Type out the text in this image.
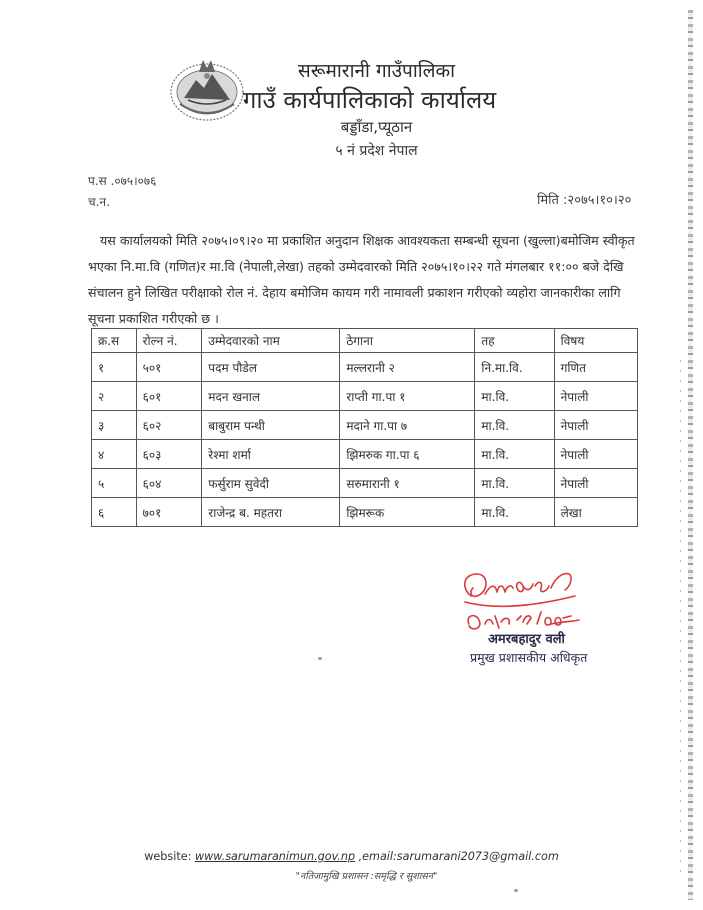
सरूमारानी गाउँपालिका
गाउँ कार्यपालिकाको कार्यालय
बड्डाँडा,प्यूठान
५ नं प्रदेश नेपाल
प.स .०७५।०७६
च.न.	मिति :२०७५।१०।२०

यस कार्यालयको मिति २०७५।०९।२० मा प्रकाशित अनुदान शिक्षक आवश्यकता सम्बन्धी सूचना (खुल्ला)बमोजिम स्वीकृत भएका नि.मा.वि (गणित)र मा.वि (नेपाली,लेखा) तहको उम्मेदवारको मिति २०७५।१०।२२ गते मंगलबार ११:०० बजे देखि संचालन हुने लिखित परीक्षाको रोल नं. देहाय बमोजिम कायम गरी नामावली प्रकाशन गरीएको व्यहोरा जानकारीका लागि सूचना प्रकाशित गरीएको छ ।

क्र.स	रोल्न नं.	उम्मेदवारको नाम	ठेगाना	तह	विषय
१	५०१	पदम पौडेल	मल्लरानी २	नि.मा.वि.	गणित
२	६०१	मदन खनाल	राप्ती गा.पा १	मा.वि.	नेपाली
३	६०२	बाबुराम पन्थी	मदाने गा.पा ७	मा.वि.	नेपाली
४	६०३	रेश्मा शर्मा	झिमरुक गा.पा ६	मा.वि.	नेपाली
५	६०४	फर्सुराम सुवेदी	सरुमारानी १	मा.वि.	नेपाली
६	७०१	राजेन्द्र ब. महतरा	झिमरूक	मा.वि.	लेखा
अमरबहादुर वली
प्रमुख प्रशासकीय अधिकृत
website: www.sarumaranimun.gov.np ,email:sarumarani2073@gmail.com
"नतिजामुखि प्रशासन :समृद्धि र सुशासन"
